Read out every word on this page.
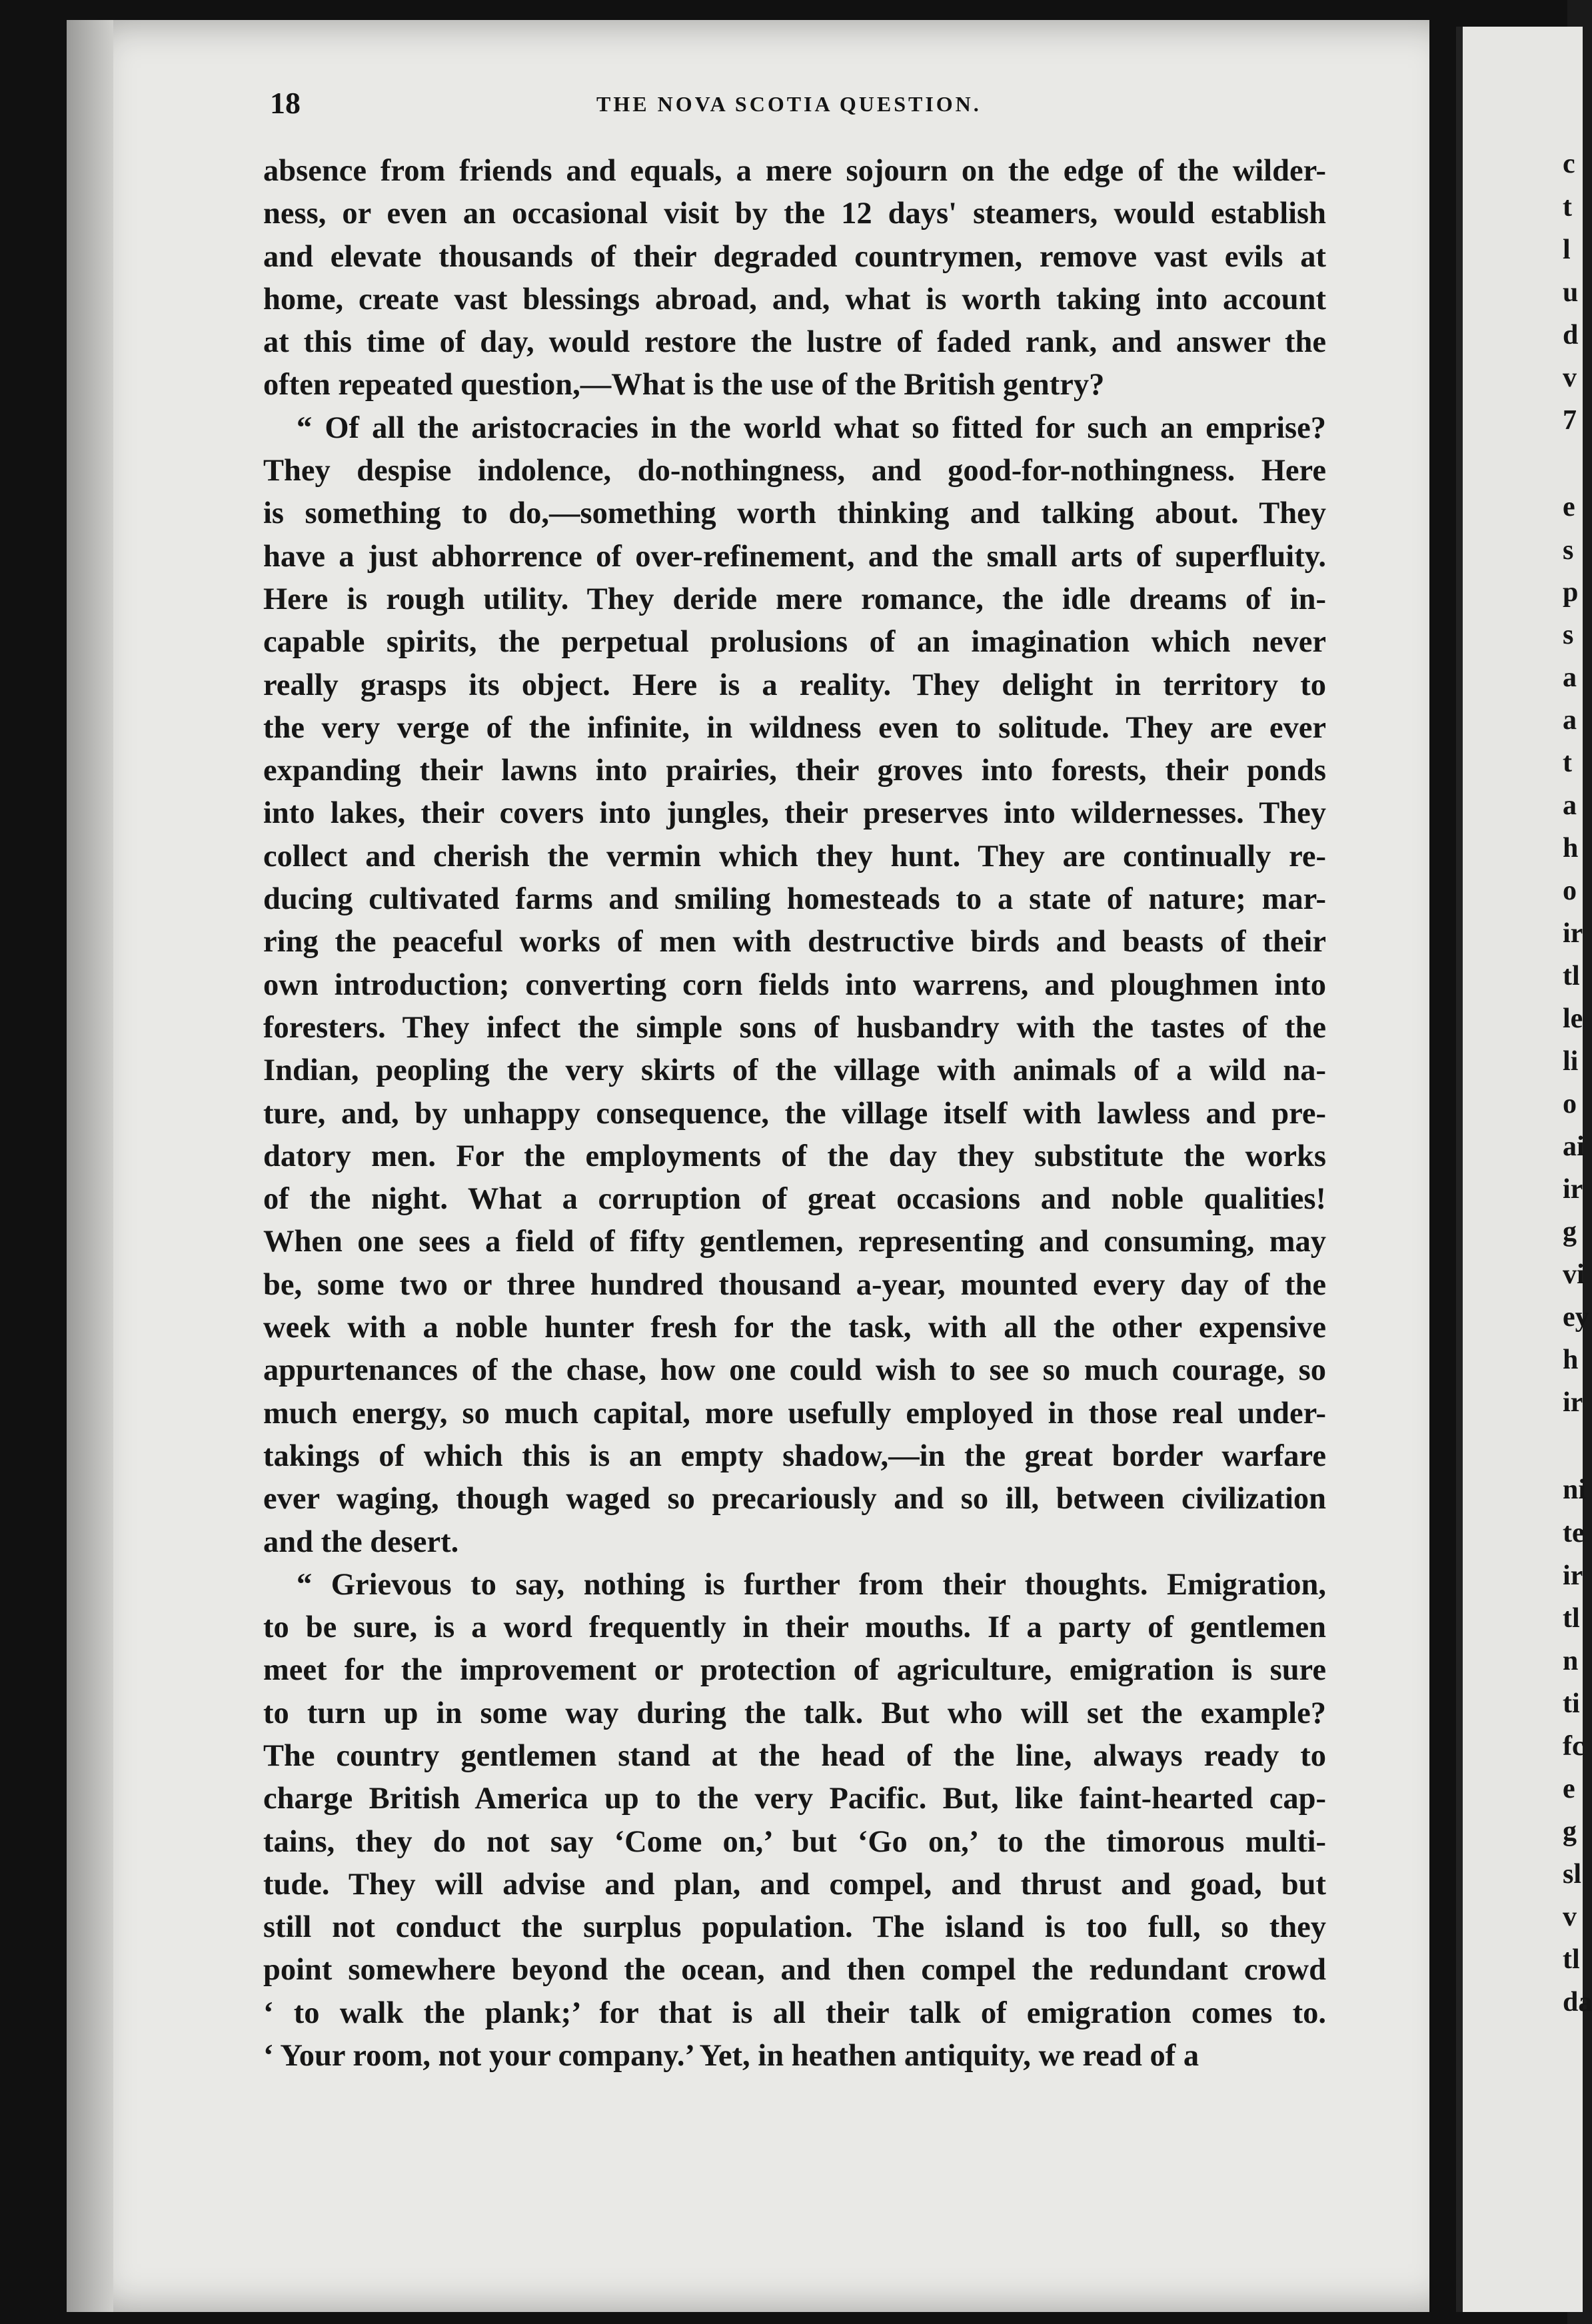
18	THE NOVA SCOTIA QUESTION.
absence from friends and equals, a mere sojourn on the edge of the wilder-
ness, or even an occasional visit by the 12 days' steamers, would establish
and elevate thousands of their degraded countrymen, remove vast evils at
home, create vast blessings abroad, and, what is worth taking into account
at this time of day, would restore the lustre of faded rank, and answer the
often repeated question,—What is the use of the British gentry?
“ Of all the aristocracies in the world what so fitted for such an emprise?
They despise indolence, do-nothingness, and good-for-nothingness. Here
is something to do,—something worth thinking and talking about. They
have a just abhorrence of over-refinement, and the small arts of superfluity.
Here is rough utility. They deride mere romance, the idle dreams of in-
capable spirits, the perpetual prolusions of an imagination which never
really grasps its object. Here is a reality. They delight in territory to
the very verge of the infinite, in wildness even to solitude. They are ever
expanding their lawns into prairies, their groves into forests, their ponds
into lakes, their covers into jungles, their preserves into wildernesses. They
collect and cherish the vermin which they hunt. They are continually re-
ducing cultivated farms and smiling homesteads to a state of nature; mar-
ring the peaceful works of men with destructive birds and beasts of their
own introduction; converting corn fields into warrens, and ploughmen into
foresters. They infect the simple sons of husbandry with the tastes of the
Indian, peopling the very skirts of the village with animals of a wild na-
ture, and, by unhappy consequence, the village itself with lawless and pre-
datory men. For the employments of the day they substitute the works
of the night. What a corruption of great occasions and noble qualities!
When one sees a field of fifty gentlemen, representing and consuming, may
be, some two or three hundred thousand a-year, mounted every day of the
week with a noble hunter fresh for the task, with all the other expensive
appurtenances of the chase, how one could wish to see so much courage, so
much energy, so much capital, more usefully employed in those real under-
takings of which this is an empty shadow,—in the great border warfare
ever waging, though waged so precariously and so ill, between civilization
and the desert.
“ Grievous to say, nothing is further from their thoughts. Emigration,
to be sure, is a word frequently in their mouths. If a party of gentlemen
meet for the improvement or protection of agriculture, emigration is sure
to turn up in some way during the talk. But who will set the example?
The country gentlemen stand at the head of the line, always ready to
charge British America up to the very Pacific. But, like faint-hearted cap-
tains, they do not say ‘Come on,’ but ‘Go on,’ to the timorous multi-
tude. They will advise and plan, and compel, and thrust and goad, but
still not conduct the surplus population. The island is too full, so they
point somewhere beyond the ocean, and then compel the redundant crowd
‘ to walk the plank;’ for that is all their talk of emigration comes to.
‘ Your room, not your company.’ Yet, in heathen antiquity, we read of a
c
t
l
u
d
v
7
e
s
p
s
a
a
t
a
h
o
ir
tl
le
li
o
ai
ir
g
vi
ey
h
ir
ni
te
ir
tl
n
ti
fc
e
g
sl
v
tl
da
